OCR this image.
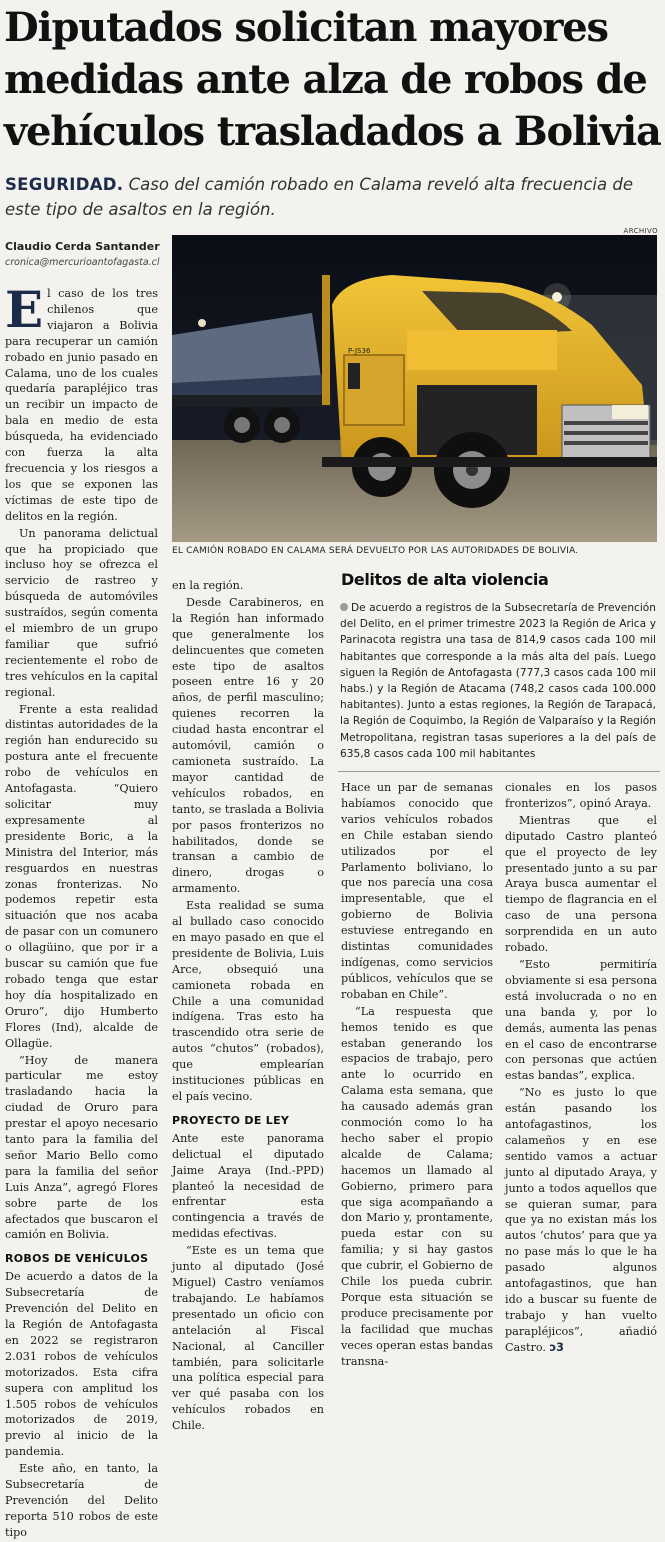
Diputados solicitan mayores
medidas ante alza de robos de
vehículos trasladados a Bolivia
SEGURIDAD. Caso del camión robado en Calama reveló alta frecuencia de este tipo de asaltos en la región.
ARCHIVO
Claudio Cerda Santander
cronica@mercurioantofagasta.cl
P-JS36
EL CAMIÓN ROBADO EN CALAMA SERÁ DEVUELTO POR LAS AUTORIDADES DE BOLIVIA.

El caso de los tres chilenos que viajaron a Bolivia para recuperar un camión robado en junio pasado en Calama, uno de los cuales quedaría parapléjico tras un recibir un impacto de bala en medio de esta búsqueda, ha evidenciado con fuerza la alta frecuencia y los riesgos a los que se exponen las víctimas de este tipo de delitos en la región.

Un panorama delictual que ha propiciado que incluso hoy se ofrezca el servicio de rastreo y búsqueda de automóviles sustraídos, según comenta el miembro de un grupo familiar que sufrió recientemente el robo de tres vehículos en la capital regional.

Frente a esta realidad distintas autoridades de la región han endurecido su postura ante el frecuente robo de vehículos en Antofagasta. “Quiero solicitar muy expresamente al presidente Boric, a la Ministra del Interior, más resguardos en nuestras zonas fronterizas. No podemos repetir esta situación que nos acaba de pasar con un comunero o ollagüino, que por ir a buscar su camión que fue robado tenga que estar hoy día hospitalizado en Oruro”, dijo Humberto Flores (Ind), alcalde de Ollagüe.

“Hoy de manera particular me estoy trasladando hacia la ciudad de Oruro para prestar el apoyo necesario tanto para la familia del señor Mario Bello como para la familia del señor Luis Anza”, agregó Flores sobre parte de los afectados que buscaron el camión en Bolivia.

ROBOS DE VEHÍCULOS

De acuerdo a datos de la Subsecretaría de Prevención del Delito en la Región de Antofagasta en 2022 se registraron 2.031 robos de vehículos motorizados. Esta cifra supera con amplitud los 1.505 robos de vehículos motorizados de 2019, previo al inicio de la pandemia.

Este año, en tanto, la Subsecretaría de Prevención del Delito reporta 510 robos de este tipo

en la región.

Desde Carabineros, en la Región han informado que generalmente los delincuentes que cometen este tipo de asaltos poseen entre 16 y 20 años, de perfil masculino; quienes recorren la ciudad hasta encontrar el automóvil, camión o camioneta sustraído. La mayor cantidad de vehículos robados, en tanto, se traslada a Bolivia por pasos fronterizos no habilitados, donde se transan a cambio de dinero, drogas o armamento.

Esta realidad se suma al bullado caso conocido en mayo pasado en que el presidente de Bolivia, Luis Arce, obsequió una camioneta robada en Chile a una comunidad indígena. Tras esto ha trascendido otra serie de autos “chutos” (robados), que emplearían instituciones públicas en el país vecino.

PROYECTO DE LEY

Ante este panorama delictual el diputado Jaime Araya (Ind.-PPD) planteó la necesidad de enfrentar esta contingencia a través de medidas efectivas.

“Este es un tema que junto al diputado (José Miguel) Castro veníamos trabajando. Le habíamos presentado un oficio con antelación al Fiscal Nacional, al Canciller también, para solicitarle una política especial para ver qué pasaba con los vehículos robados en Chile.

Delitos de alta violencia

De acuerdo a registros de la Subsecretaría de Prevención del Delito, en el primer trimestre 2023 la Región de Arica y Parinacota registra una tasa de 814,9 casos cada 100 mil habitantes que corresponde a la más alta del país. Luego siguen la Región de Antofagasta (777,3 casos cada 100 mil habs.) y la Región de Atacama (748,2 casos cada 100.000 habitantes). Junto a estas regiones, la Región de Tarapacá, la Región de Coquimbo, la Región de Valparaíso y la Región Metropolitana, registran tasas superiores a la del país de 635,8 casos cada 100 mil habitantes

Hace un par de semanas habíamos conocido que varios vehículos robados en Chile estaban siendo utilizados por el Parlamento boliviano, lo que nos parecía una cosa impresentable, que el gobierno de Bolivia estuviese entregando en distintas comunidades indígenas, como servicios públicos, vehículos que se robaban en Chile”.

“La respuesta que hemos tenido es que estaban generando los espacios de trabajo, pero ante lo ocurrido en Calama esta semana, que ha causado además gran conmoción como lo ha hecho saber el propio alcalde de Calama; hacemos un llamado al Gobierno, primero para que siga acompañando a don Mario y, prontamente, pueda estar con su familia; y si hay gastos que cubrir, el Gobierno de Chile los pueda cubrir. Porque esta situación se produce precisamente por la facilidad que muchas veces operan estas bandas transna-

cionales en los pasos fronterizos”, opinó Araya.

Mientras que el diputado Castro planteó que el proyecto de ley presentado junto a su par Araya busca aumentar el tiempo de flagrancia en el caso de una persona sorprendida en un auto robado.

“Esto permitiría obviamente si esa persona está involucrada o no en una banda y, por lo demás, aumenta las penas en el caso de encontrarse con personas que actúen estas bandas”, explica.

“No es justo lo que están pasando los antofagastinos, los calameños y en ese sentido vamos a actuar junto al diputado Araya, y junto a todos aquellos que se quieran sumar, para que ya no existan más los autos ‘chutos’ para que ya no pase más lo que le ha pasado algunos antofagastinos, que han ido a buscar su fuente de trabajo y han vuelto parapléjicos”, añadió Castro. ↄ3
